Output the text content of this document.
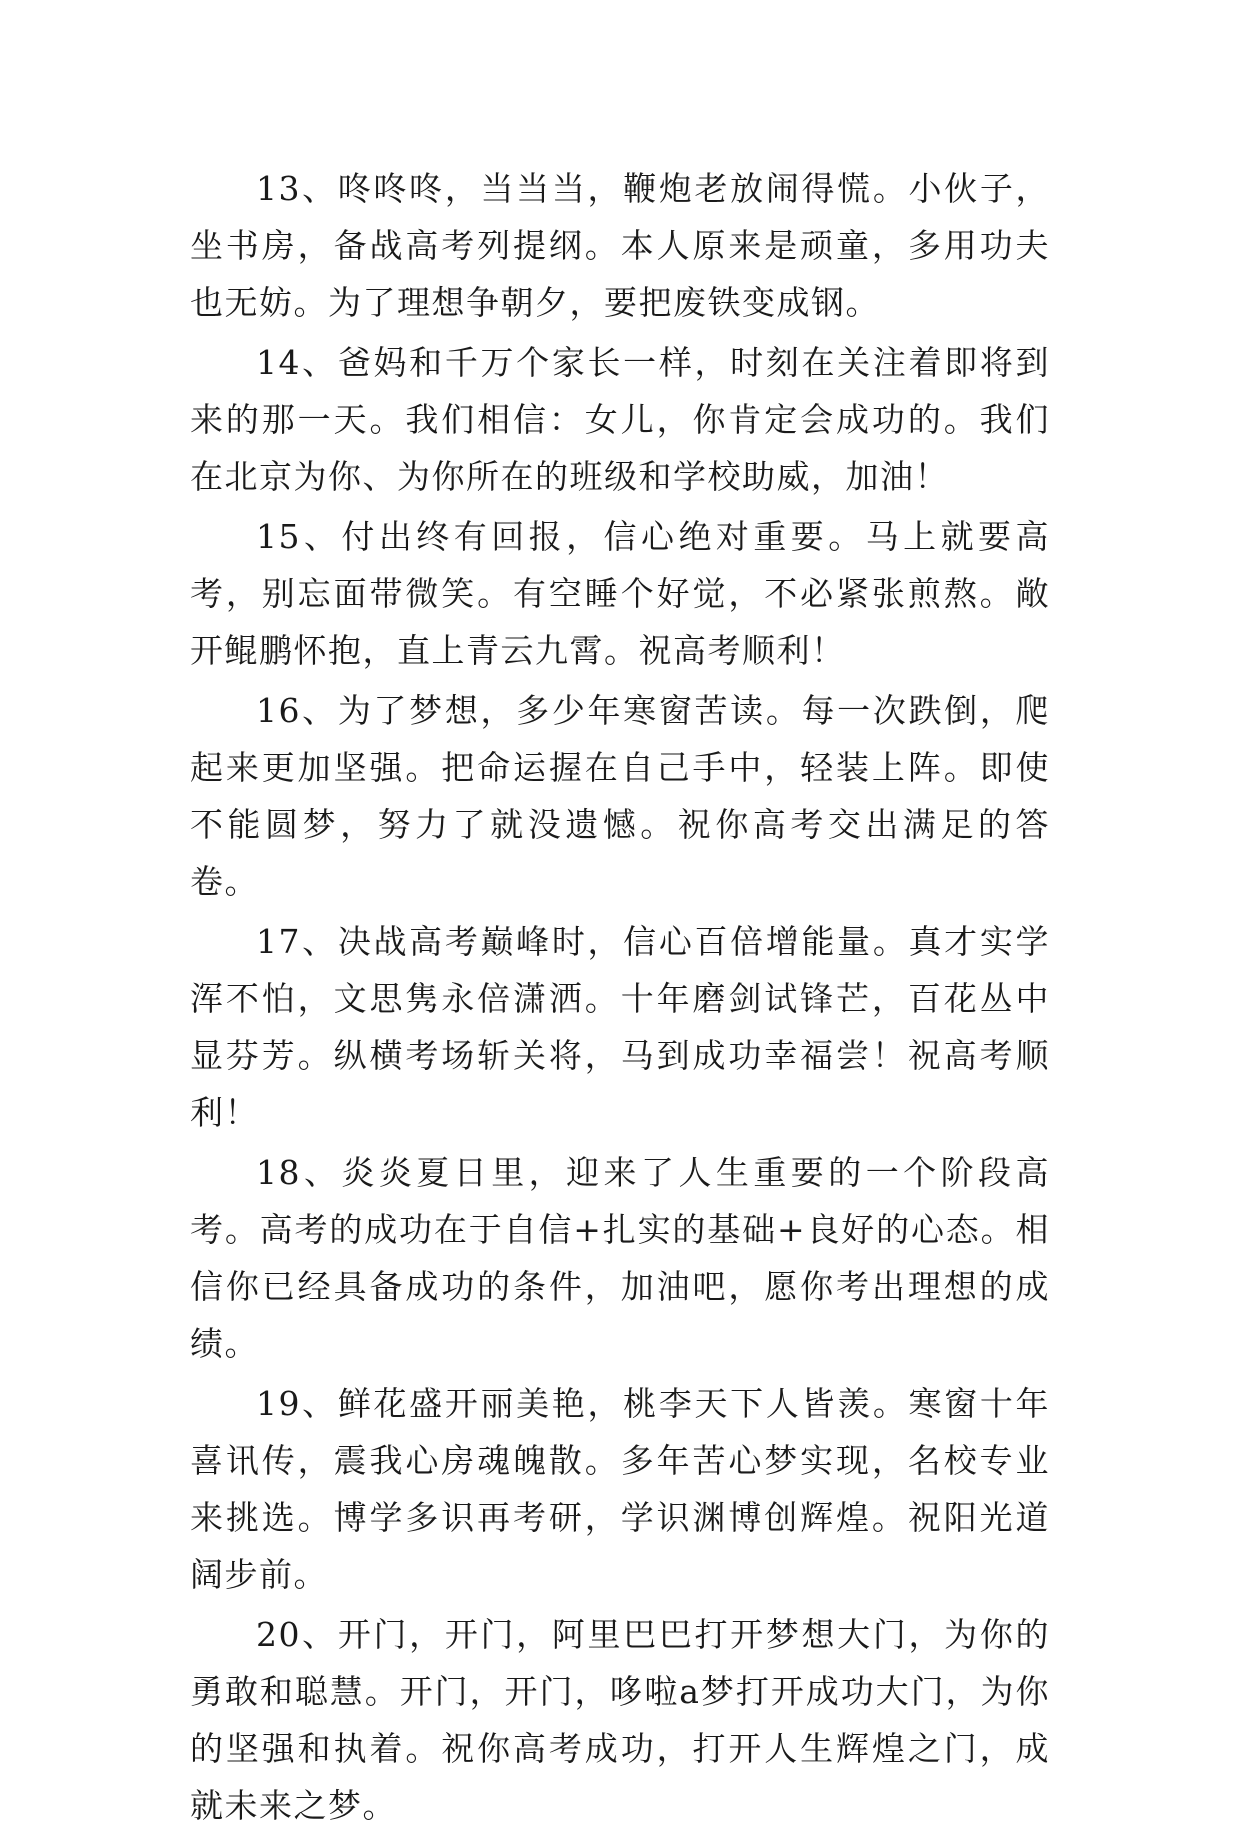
13、咚咚咚，当当当，鞭炮老放闹得慌。小伙子，坐书房，备战高考列提纲。本人原来是顽童，多用功夫也无妨。为了理想争朝夕，要把废铁变成钢。

14、爸妈和千万个家长一样，时刻在关注着即将到来的那一天。我们相信：女儿，你肯定会成功的。我们在北京为你、为你所在的班级和学校助威，加油！

15、付出终有回报，信心绝对重要。马上就要高考，别忘面带微笑。有空睡个好觉，不必紧张煎熬。敞开鲲鹏怀抱，直上青云九霄。祝高考顺利！

16、为了梦想，多少年寒窗苦读。每一次跌倒，爬起来更加坚强。把命运握在自己手中，轻装上阵。即使不能圆梦，努力了就没遗憾。祝你高考交出满足的答卷。

17、决战高考巅峰时，信心百倍增能量。真才实学浑不怕，文思隽永倍潇洒。十年磨剑试锋芒，百花丛中显芬芳。纵横考场斩关将，马到成功幸福尝！祝高考顺利！

18、炎炎夏日里，迎来了人生重要的一个阶段高考。高考的成功在于自信+扎实的基础+良好的心态。相信你已经具备成功的条件，加油吧，愿你考出理想的成绩。

19、鲜花盛开丽美艳，桃李天下人皆羡。寒窗十年喜讯传，震我心房魂魄散。多年苦心梦实现，名校专业来挑选。博学多识再考研，学识渊博创辉煌。祝阳光道阔步前。

20、开门，开门，阿里巴巴打开梦想大门，为你的勇敢和聪慧。开门，开门，哆啦a梦打开成功大门，为你的坚强和执着。祝你高考成功，打开人生辉煌之门，成就未来之梦。
